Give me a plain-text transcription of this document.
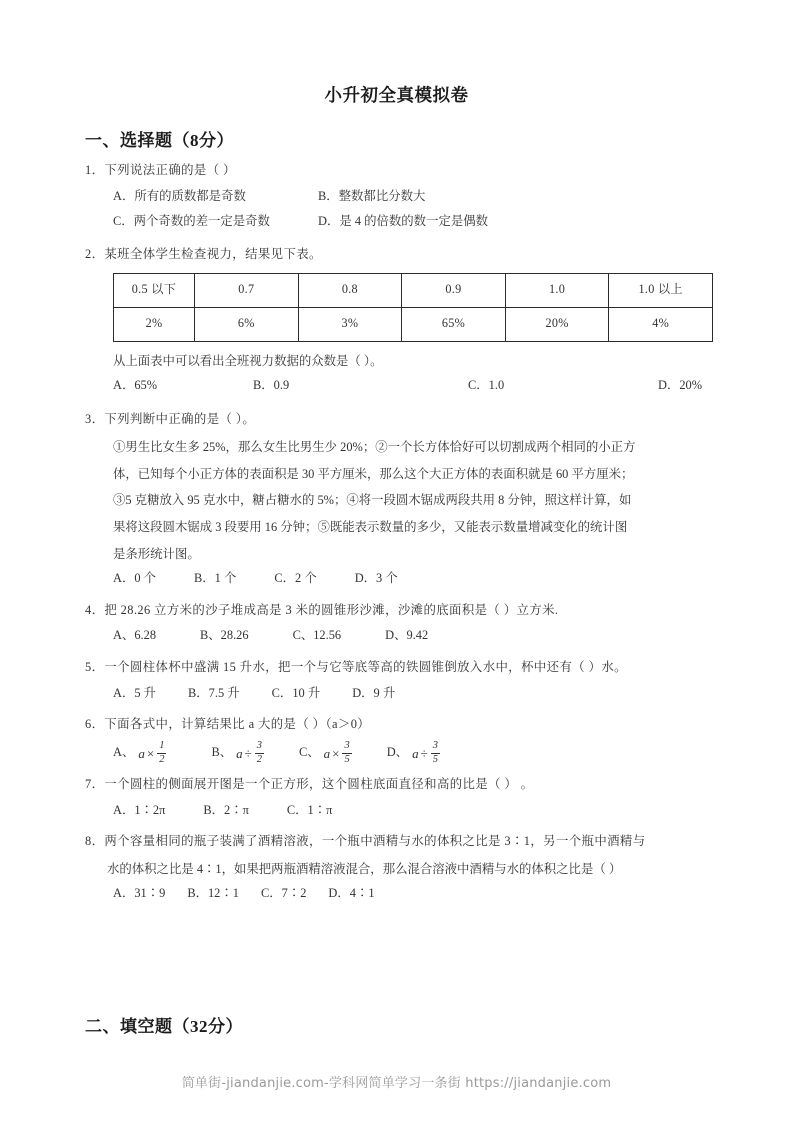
小升初全真模拟卷
一、选择题（8分）

1．下列说法正确的是（ ）

A．所有的质数都是奇数	B．整数都比分数大
C．两个奇数的差一定是奇数	D．是 4 的倍数的数一定是偶数

2．某班全体学生检查视力，结果见下表。

0.5 以下	0.7	0.8	0.9	1.0	1.0 以上
2%	6%	3%	65%	20%	4%

从上面表中可以看出全班视力数据的众数是（ ）。

A．65%	B．0.9	C．1.0	D．20%

3．下列判断中正确的是（ ）。

①男生比女生多 25%，那么女生比男生少 20%；②一个长方体恰好可以切割成两个相同的小正方

体，已知每个小正方体的表面积是 30 平方厘米，那么这个大正方体的表面积就是 60 平方厘米；

③5 克糖放入 95 克水中，糖占糖水的 5%；④将一段圆木锯成两段共用 8 分钟，照这样计算，如

果将这段圆木锯成 3 段要用 16 分钟；⑤既能表示数量的多少，又能表示数量增减变化的统计图

是条形统计图。

A．0 个	B．1 个	C．2 个	D．3 个

4．把 28.26 立方米的沙子堆成高是 3 米的圆锥形沙滩，沙滩的底面积是（ ）立方米.

A、6.28	B、28.26	C、12.56	D、9.42

5．一个圆柱体杯中盛满 15 升水，把一个与它等底等高的铁圆锥倒放入水中，杯中还有（ ）水。

A．5 升	B．7.5 升	C．10 升	D．9 升

6．下面各式中，计算结果比 a 大的是（ ）（a＞0）

A、 $a \times \frac{1}{2}$	B、 $a \div \frac{3}{2}$	C、 $a \times \frac{3}{5}$	D、 $a \div \frac{3}{5}$

7．一个圆柱的侧面展开图是一个正方形，这个圆柱底面直径和高的比是（ ） 。

A．1∶2π	B．2∶π	C．1∶π

8．两个容量相同的瓶子装满了酒精溶液，一个瓶中酒精与水的体积之比是 3∶1，另一个瓶中酒精与

水的体积之比是 4∶1，如果把两瓶酒精溶液混合，那么混合溶液中酒精与水的体积之比是（ ）

A．31∶9 B．12∶1 C．7∶2 D．4∶1
二、填空题（32分）
简单街-jiandanjie.com-学科网简单学习一条街 https://jiandanjie.com
